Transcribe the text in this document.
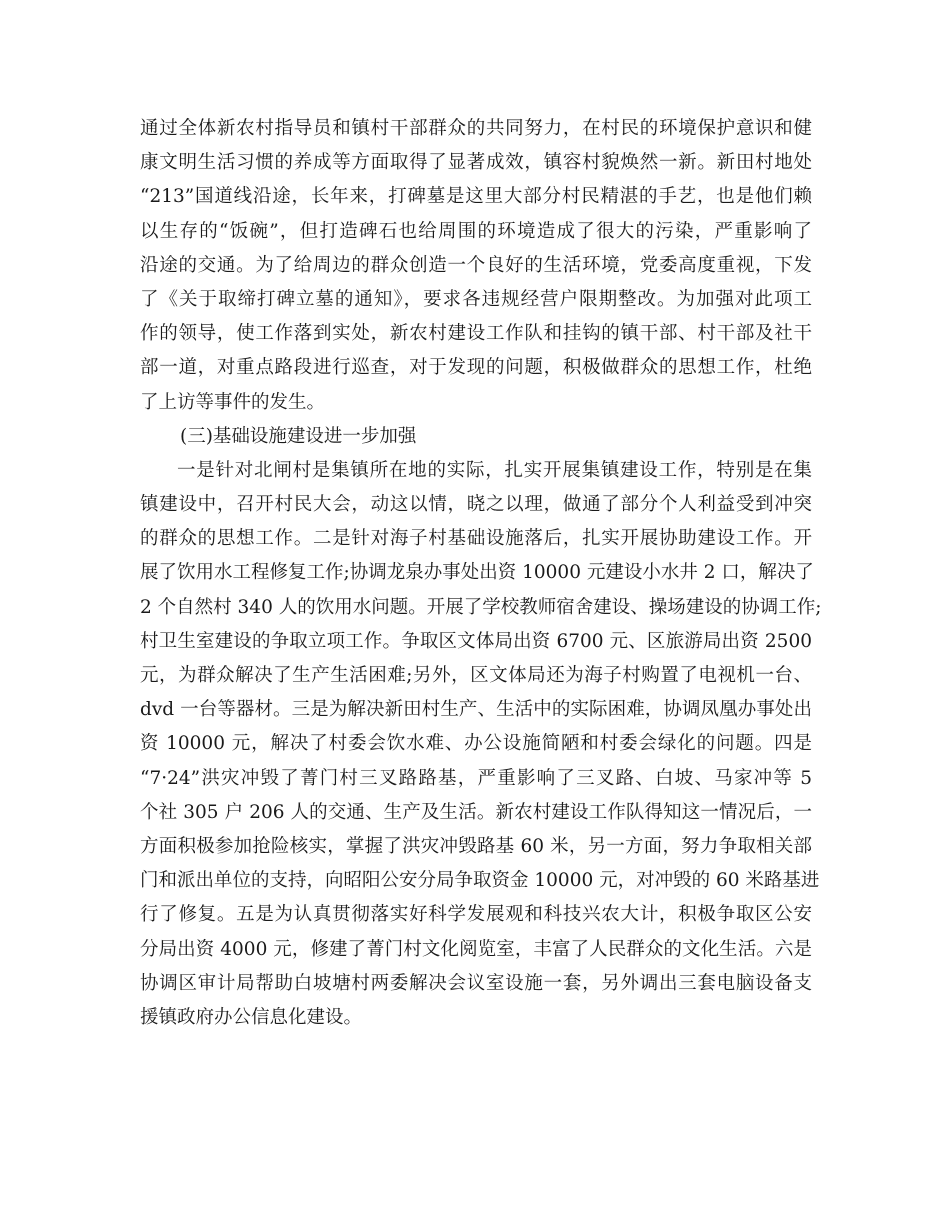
通过全体新农村指导员和镇村干部群众的共同努力，在村民的环境保护意识和健
康文明生活习惯的养成等方面取得了显著成效，镇容村貌焕然一新。新田村地处
“213”国道线沿途，长年来，打碑墓是这里大部分村民精湛的手艺，也是他们赖
以生存的“饭碗”，但打造碑石也给周围的环境造成了很大的污染，严重影响了
沿途的交通。为了给周边的群众创造一个良好的生活环境，党委高度重视，下发
了《关于取缔打碑立墓的通知》，要求各违规经营户限期整改。为加强对此项工
作的领导，使工作落到实处，新农村建设工作队和挂钩的镇干部、村干部及社干
部一道，对重点路段进行巡查，对于发现的问题，积极做群众的思想工作，杜绝
了上访等事件的发生。
(三)基础设施建设进一步加强
一是针对北闸村是集镇所在地的实际，扎实开展集镇建设工作，特别是在集
镇建设中，召开村民大会，动这以情，晓之以理，做通了部分个人利益受到冲突
的群众的思想工作。二是针对海子村基础设施落后，扎实开展协助建设工作。开
展了饮用水工程修复工作;协调龙泉办事处出资 10000 元建设小水井 2 口，解决了
2 个自然村 340 人的饮用水问题。开展了学校教师宿舍建设、操场建设的协调工作;
村卫生室建设的争取立项工作。争取区文体局出资 6700 元、区旅游局出资 2500
元，为群众解决了生产生活困难;另外，区文体局还为海子村购置了电视机一台、
dvd 一台等器材。三是为解决新田村生产、生活中的实际困难，协调凤凰办事处出
资 10000 元，解决了村委会饮水难、办公设施简陋和村委会绿化的问题。四是
“7·24”洪灾冲毁了菁门村三叉路路基，严重影响了三叉路、白坡、马家冲等 5
个社 305 户 206 人的交通、生产及生活。新农村建设工作队得知这一情况后，一
方面积极参加抢险核实，掌握了洪灾冲毁路基 60 米，另一方面，努力争取相关部
门和派出单位的支持，向昭阳公安分局争取资金 10000 元，对冲毁的 60 米路基进
行了修复。五是为认真贯彻落实好科学发展观和科技兴农大计，积极争取区公安
分局出资 4000 元，修建了菁门村文化阅览室，丰富了人民群众的文化生活。六是
协调区审计局帮助白坡塘村两委解决会议室设施一套，另外调出三套电脑设备支
援镇政府办公信息化建设。
